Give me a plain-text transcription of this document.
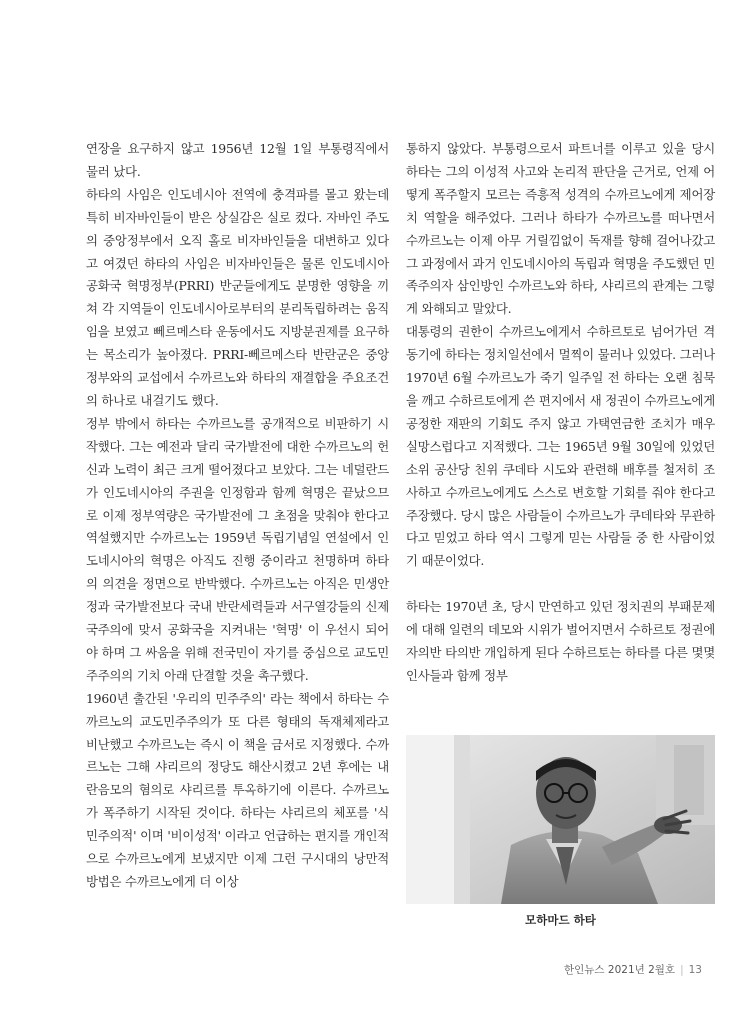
연장을 요구하지 않고 1956년 12월 1일 부통령직에서 물러 났다.

하타의 사임은 인도네시아 전역에 충격파를 몰고 왔는데 특히 비자바인들이 받은 상실감은 실로 컸다. 자바인 주도의 중앙정부에서 오직 홀로 비자바인들을 대변하고 있다고 여겼던 하타의 사임은 비자바인들은 물론 인도네시아 공화국 혁명정부(PRRI) 반군들에게도 분명한 영향을 끼쳐 각 지역들이 인도네시아로부터의 분리독립하려는 움직임을 보였고 뻬르메스타 운동에서도 지방분권제를 요구하는 목소리가 높아졌다. PRRI-뻬르메스타 반란군은 중앙정부와의 교섭에서 수까르노와 하타의 재결합을 주요조건의 하나로 내걸기도 했다.

정부 밖에서 하타는 수까르노를 공개적으로 비판하기 시작했다. 그는 예전과 달리 국가발전에 대한 수까르노의 헌신과 노력이 최근 크게 떨어졌다고 보았다. 그는 네덜란드가 인도네시아의 주권을 인정함과 함께 혁명은 끝났으므로 이제 정부역량은 국가발전에 그 초점을 맞춰야 한다고 역설했지만 수까르노는 1959년 독립기념일 연설에서 인도네시아의 혁명은 아직도 진행 중이라고 천명하며 하타의 의견을 정면으로 반박했다. 수까르노는 아직은 민생안정과 국가발전보다 국내 반란세력들과 서구열강들의 신제국주의에 맞서 공화국을 지켜내는 '혁명' 이 우선시 되어야 하며 그 싸움을 위해 전국민이 자기를 중심으로 교도민주주의의 기치 아래 단결할 것을 촉구했다.

1960년 출간된 '우리의 민주주의' 라는 책에서 하타는 수까르노의 교도민주주의가 또 다른 형태의 독재체제라고 비난했고 수까르노는 즉시 이 책을 금서로 지정했다. 수까르노는 그해 샤리르의 정당도 해산시켰고 2년 후에는 내란음모의 혐의로 샤리르를 투옥하기에 이른다. 수까르노가 폭주하기 시작된 것이다. 하타는 샤리르의 체포를 '식민주의적' 이며 '비이성적' 이라고 언급하는 편지를 개인적으로 수까르노에게 보냈지만 이제 그런 구시대의 낭만적 방법은 수까르노에게 더 이상

통하지 않았다. 부통령으로서 파트너를 이루고 있을 당시 하타는 그의 이성적 사고와 논리적 판단을 근거로, 언제 어떻게 폭주할지 모르는 즉흥적 성격의 수까르노에게 제어장치 역할을 해주었다. 그러나 하타가 수까르노를 떠나면서 수까르노는 이제 아무 거릴낌없이 독재를 향해 걸어나갔고 그 과정에서 과거 인도네시아의 독립과 혁명을 주도했던 민족주의자 삼인방인 수까르노와 하타, 샤리르의 관계는 그렇게 와해되고 말았다.

대통령의 권한이 수까르노에게서 수하르토로 넘어가던 격동기에 하타는 정치일선에서 멀찍이 물러나 있었다. 그러나 1970년 6월 수까르노가 죽기 일주일 전 하타는 오랜 침묵을 깨고 수하르토에게 쓴 편지에서 새 정권이 수까르노에게 공정한 재판의 기회도 주지 않고 가택연금한 조치가 매우 실망스럽다고 지적했다. 그는 1965년 9월 30일에 있었던 소위 공산당 친위 쿠데타 시도와 관련해 배후를 철저히 조사하고 수까르노에게도 스스로 변호할 기회를 줘야 한다고 주장했다. 당시 많은 사람들이 수까르노가 쿠데타와 무관하다고 믿었고 하타 역시 그렇게 믿는 사람들 중 한 사람이었기 때문이었다.

하타는 1970년 초, 당시 만연하고 있던 정치권의 부패문제에 대해 일련의 데모와 시위가 벌어지면서 수하르토 정권에 자의반 타의반 개입하게 된다 수하르토는 하타를 다른 몇몇 인사들과 함께 정부

모하마드 하타
한인뉴스 2021년 2월호 | 13
